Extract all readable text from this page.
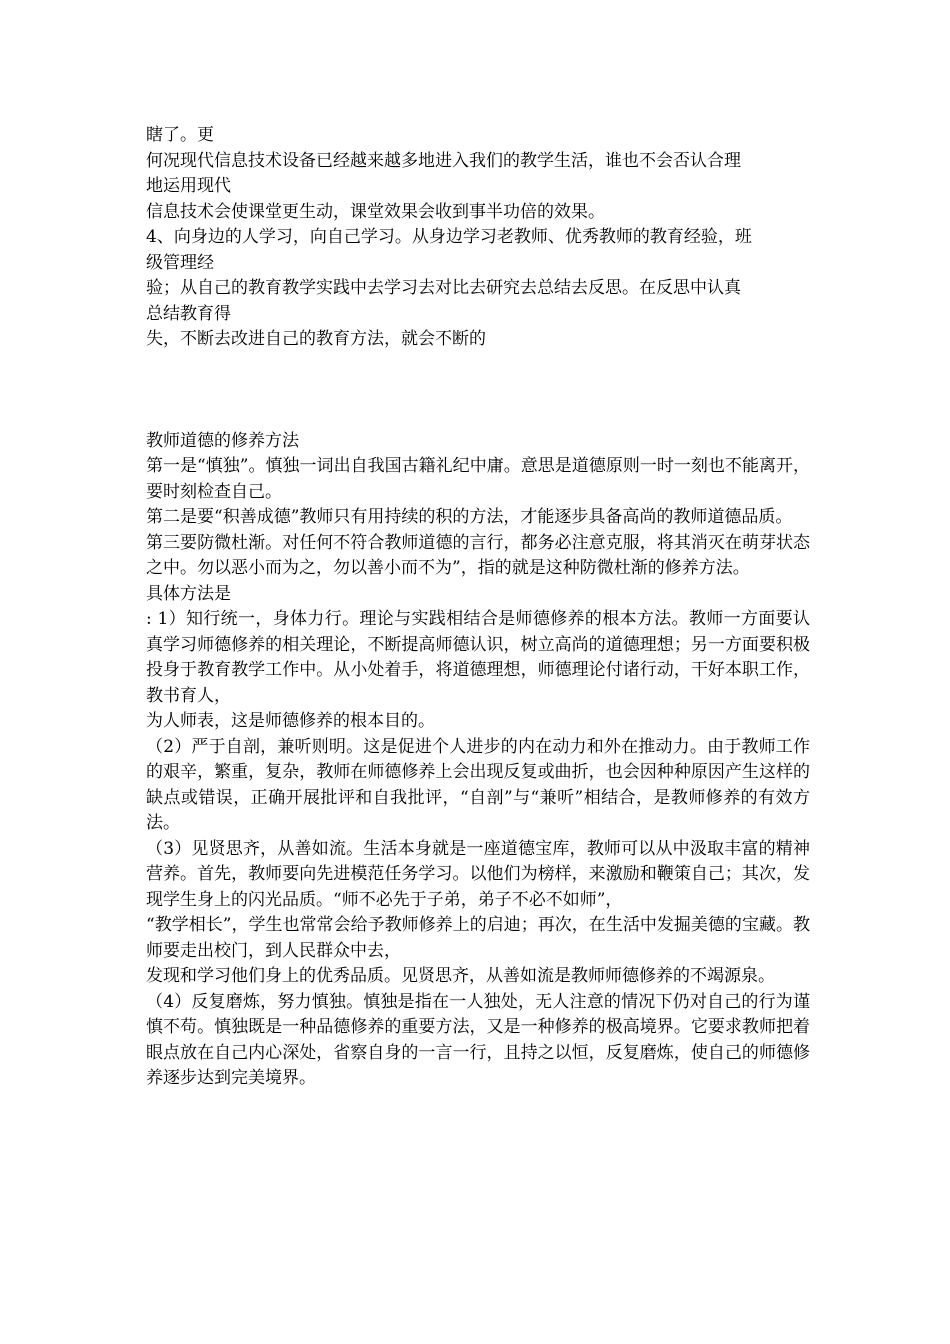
瞎了。更
何况现代信息技术设备已经越来越多地进入我们的教学生活，谁也不会否认合理
地运用现代
信息技术会使课堂更生动，课堂效果会收到事半功倍的效果。
4、向身边的人学习，向自己学习。从身边学习老教师、优秀教师的教育经验，班
级管理经
验；从自己的教育教学实践中去学习去对比去研究去总结去反思。在反思中认真
总结教育得
失，不断去改进自己的教育方法，就会不断的
教师道德的修养方法

第一是“慎独”。慎独一词出自我国古籍礼纪中庸。意思是道德原则一时一刻也不能离开，要时刻检查自己。

第二是要“积善成德”教师只有用持续的积的方法，才能逐步具备高尚的教师道德品质。

第三要防微杜渐。对任何不符合教师道德的言行，都务必注意克服，将其消灭在萌芽状态之中。勿以恶小而为之，勿以善小而不为”，指的就是这种防微杜渐的修养方法。

具体方法是

: 1）知行统一，身体力行。理论与实践相结合是师德修养的根本方法。教师一方面要认真学习师德修养的相关理论，不断提高师德认识，树立高尚的道德理想；另一方面要积极投身于教育教学工作中。从小处着手，将道德理想，师德理论付诸行动，干好本职工作，教书育人，

为人师表，这是师德修养的根本目的。

（2）严于自剖，兼听则明。这是促进个人进步的内在动力和外在推动力。由于教师工作的艰辛，繁重，复杂，教师在师德修养上会出现反复或曲折，也会因种种原因产生这样的缺点或错误，正确开展批评和自我批评，“自剖”与“兼听”相结合，是教师修养的有效方法。

（3）见贤思齐，从善如流。生活本身就是一座道德宝库，教师可以从中汲取丰富的精神营养。首先，教师要向先进模范任务学习。以他们为榜样，来激励和鞭策自己；其次，发现学生身上的闪光品质。“师不必先于子弟，弟子不必不如师”，

“教学相长”，学生也常常会给予教师修养上的启迪；再次，在生活中发掘美德的宝藏。教师要走出校门，到人民群众中去，

发现和学习他们身上的优秀品质。见贤思齐，从善如流是教师师德修养的不竭源泉。

（4）反复磨炼，努力慎独。慎独是指在一人独处，无人注意的情况下仍对自己的行为谨慎不苟。慎独既是一种品德修养的重要方法，又是一种修养的极高境界。它要求教师把着眼点放在自己内心深处，省察自身的一言一行，且持之以恒，反复磨炼，使自己的师德修养逐步达到完美境界。
